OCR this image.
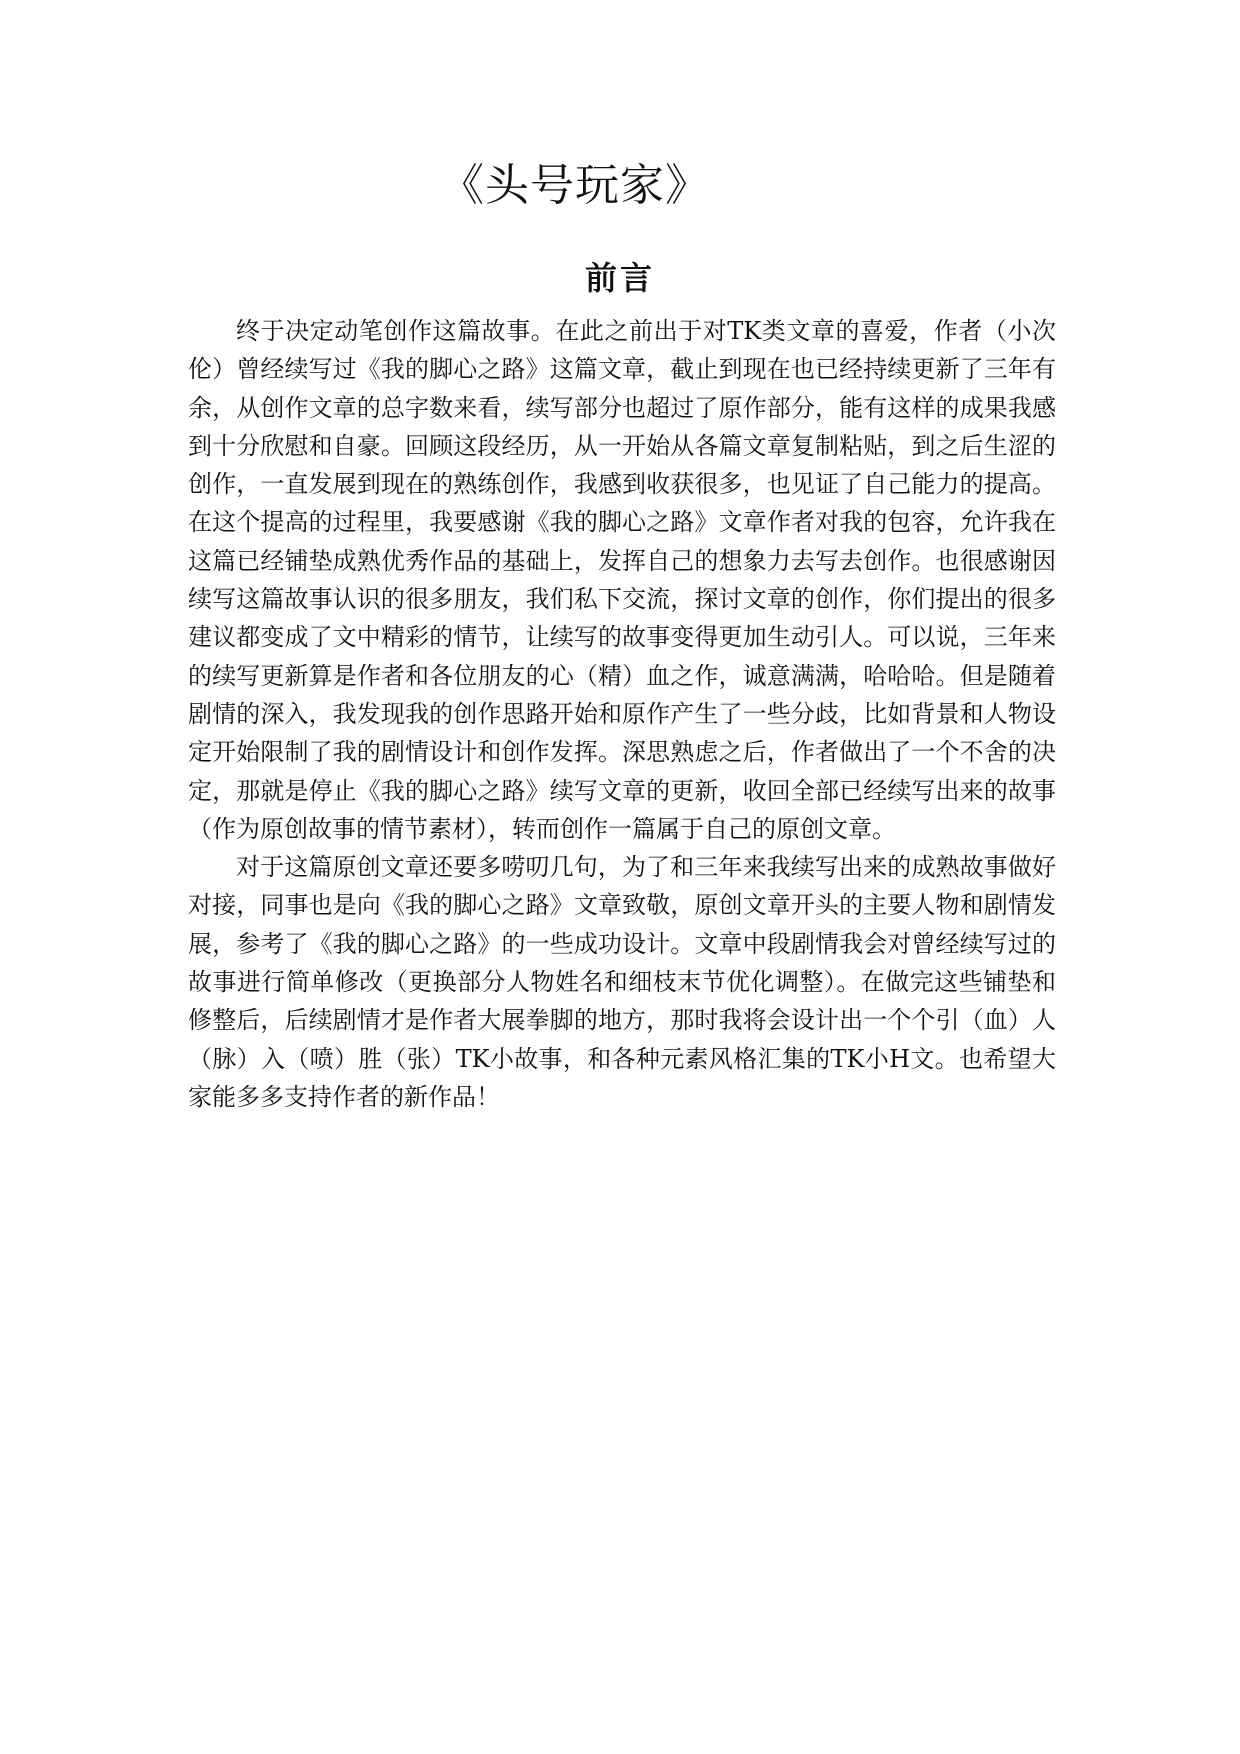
《头号玩家》
前言

终于决定动笔创作这篇故事。在此之前出于对TK类文章的喜爱，作者（小次伦）曾经续写过《我的脚心之路》这篇文章，截止到现在也已经持续更新了三年有余，从创作文章的总字数来看，续写部分也超过了原作部分，能有这样的成果我感到十分欣慰和自豪。回顾这段经历，从一开始从各篇文章复制粘贴，到之后生涩的创作，一直发展到现在的熟练创作，我感到收获很多，也见证了自己能力的提高。在这个提高的过程里，我要感谢《我的脚心之路》文章作者对我的包容，允许我在这篇已经铺垫成熟优秀作品的基础上，发挥自己的想象力去写去创作。也很感谢因续写这篇故事认识的很多朋友，我们私下交流，探讨文章的创作，你们提出的很多建议都变成了文中精彩的情节，让续写的故事变得更加生动引人。可以说，三年来的续写更新算是作者和各位朋友的心（精）血之作，诚意满满，哈哈哈。但是随着剧情的深入，我发现我的创作思路开始和原作产生了一些分歧，比如背景和人物设定开始限制了我的剧情设计和创作发挥。深思熟虑之后，作者做出了一个不舍的决定，那就是停止《我的脚心之路》续写文章的更新，收回全部已经续写出来的故事（作为原创故事的情节素材），转而创作一篇属于自己的原创文章。

对于这篇原创文章还要多唠叨几句，为了和三年来我续写出来的成熟故事做好对接，同事也是向《我的脚心之路》文章致敬，原创文章开头的主要人物和剧情发展，参考了《我的脚心之路》的一些成功设计。文章中段剧情我会对曾经续写过的故事进行简单修改（更换部分人物姓名和细枝末节优化调整）。在做完这些铺垫和修整后，后续剧情才是作者大展拳脚的地方，那时我将会设计出一个个引（血）人（脉）入（喷）胜（张）TK小故事，和各种元素风格汇集的TK小H文。也希望大家能多多支持作者的新作品！
